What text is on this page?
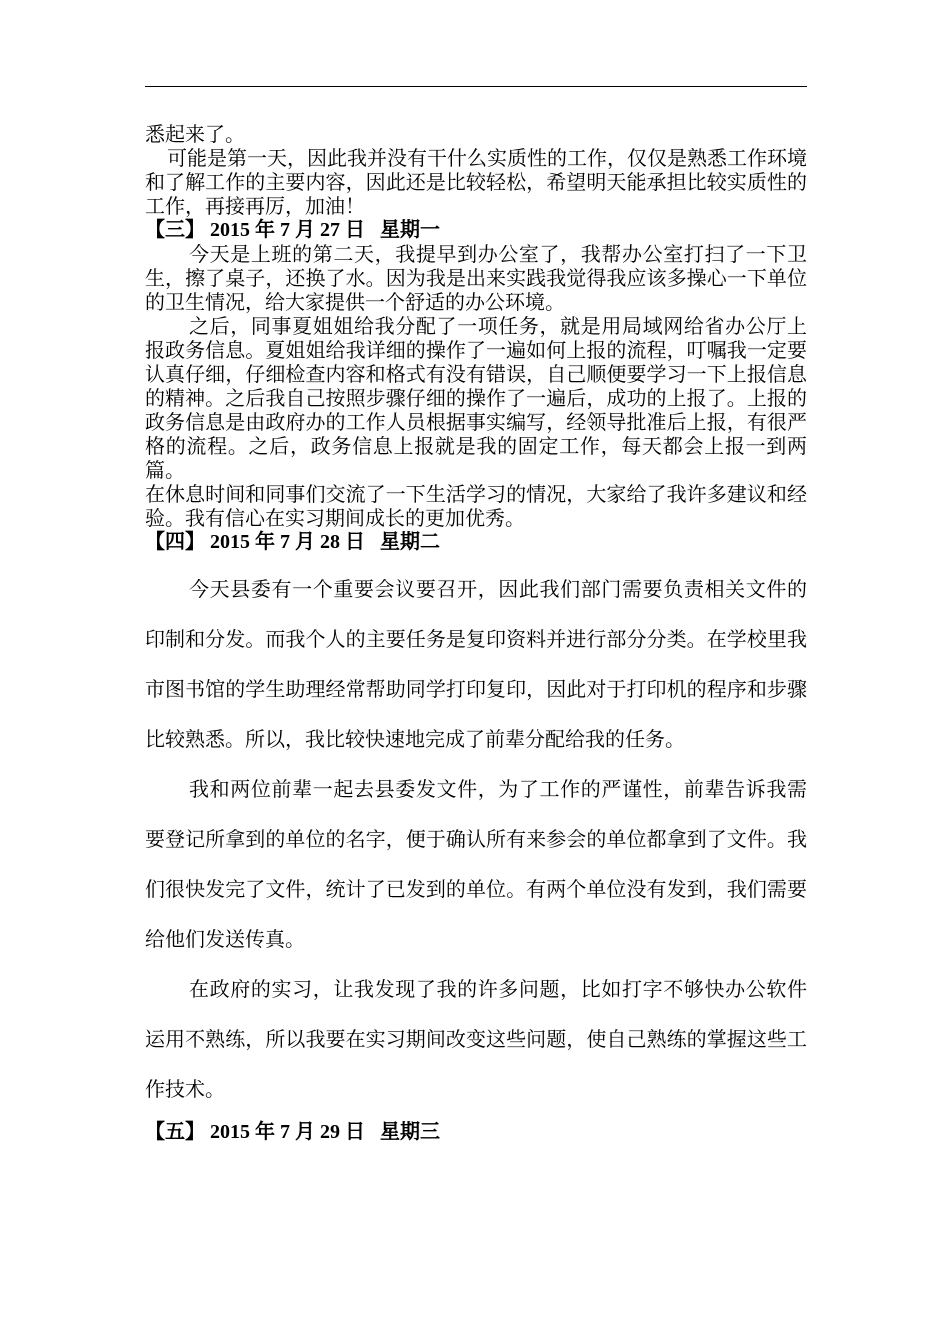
悉起来了。

可能是第一天，因此我并没有干什么实质性的工作，仅仅是熟悉工作环境和了解工作的主要内容，因此还是比较轻松，希望明天能承担比较实质性的工作，再接再厉，加油！

【三】 2015 年 7 月 27 日   星期一

今天是上班的第二天，我提早到办公室了，我帮办公室打扫了一下卫生，擦了桌子，还换了水。因为我是出来实践我觉得我应该多操心一下单位的卫生情况，给大家提供一个舒适的办公环境。

之后，同事夏姐姐给我分配了一项任务，就是用局域网给省办公厅上报政务信息。夏姐姐给我详细的操作了一遍如何上报的流程，叮嘱我一定要认真仔细，仔细检查内容和格式有没有错误，自己顺便要学习一下上报信息的精神。之后我自己按照步骤仔细的操作了一遍后，成功的上报了。上报的政务信息是由政府办的工作人员根据事实编写，经领导批准后上报，有很严格的流程。之后，政务信息上报就是我的固定工作，每天都会上报一到两篇。

在休息时间和同事们交流了一下生活学习的情况，大家给了我许多建议和经验。我有信心在实习期间成长的更加优秀。

【四】 2015 年 7 月 28 日   星期二

今天县委有一个重要会议要召开，因此我们部门需要负责相关文件的印制和分发。而我个人的主要任务是复印资料并进行部分分类。在学校里我市图书馆的学生助理经常帮助同学打印复印，因此对于打印机的程序和步骤比较熟悉。所以，我比较快速地完成了前辈分配给我的任务。

我和两位前辈一起去县委发文件，为了工作的严谨性，前辈告诉我需要登记所拿到的单位的名字，便于确认所有来参会的单位都拿到了文件。我们很快发完了文件，统计了已发到的单位。有两个单位没有发到，我们需要给他们发送传真。

在政府的实习，让我发现了我的许多问题，比如打字不够快办公软件运用不熟练，所以我要在实习期间改变这些问题，使自己熟练的掌握这些工作技术。

【五】 2015 年 7 月 29 日   星期三
